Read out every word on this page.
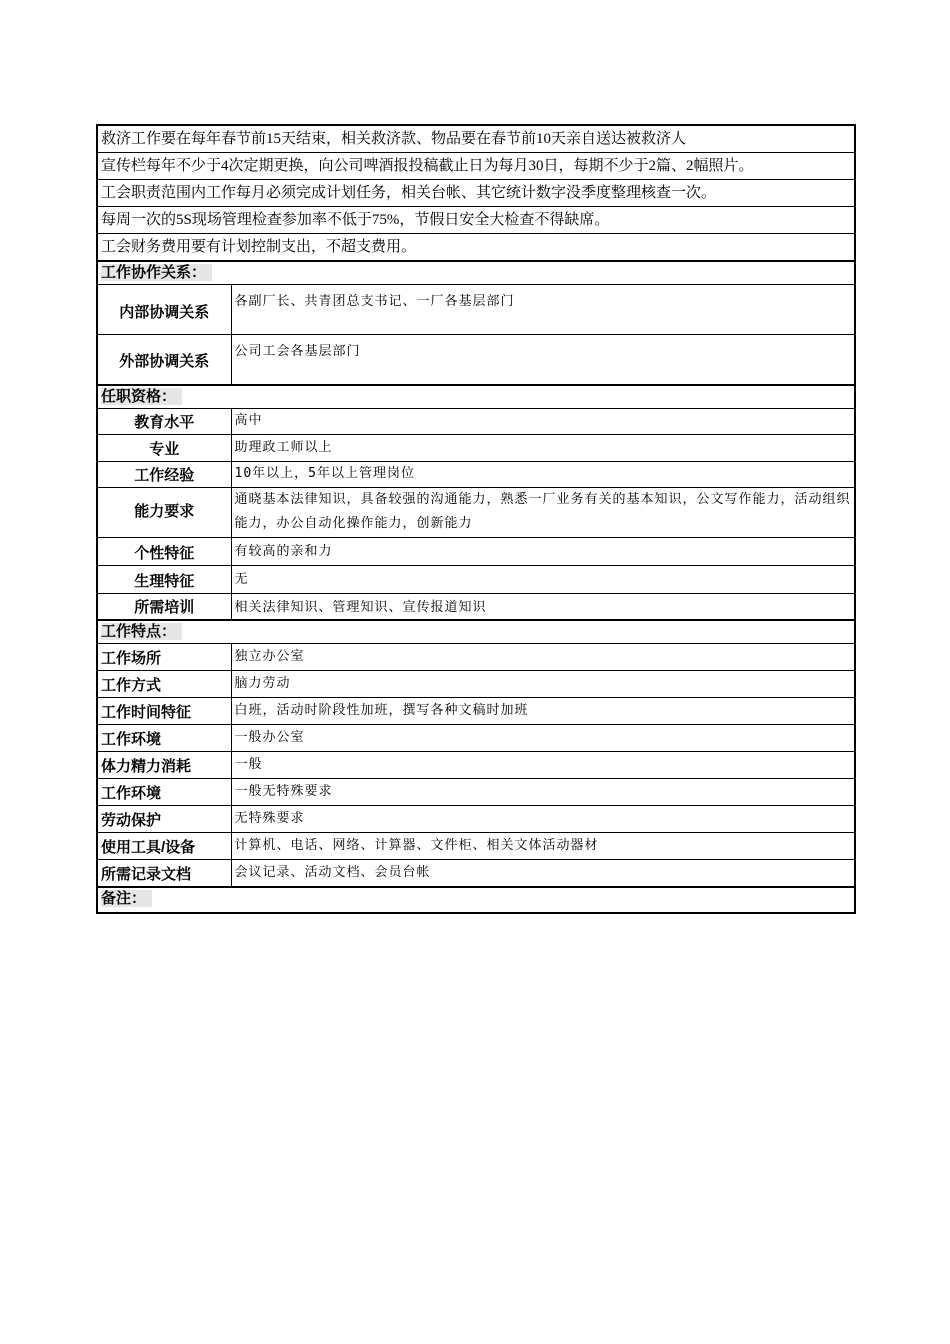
救济工作要在每年春节前15天结束，相关救济款、物品要在春节前10天亲自送达被救济人	
宣传栏每年不少于4次定期更换，向公司啤酒报投稿截止日为每月30日，每期不少于2篇、2幅照片。	
工会职责范围内工作每月必须完成计划任务，相关台帐、其它统计数字没季度整理核查一次。	
每周一次的5S现场管理检查参加率不低于75%，节假日安全大检查不得缺席。	
工会财务费用要有计划控制支出，不超支费用。	
工作协作关系：	
内部协调关系	各副厂长、共青团总支书记、一厂各基层部门
外部协调关系	公司工会各基层部门
任职资格：	
教育水平	高中
专业	助理政工师以上
工作经验	10年以上，5年以上管理岗位
能力要求	通晓基本法律知识，具备较强的沟通能力，熟悉一厂业务有关的基本知识，公文写作能力，活动组织能力，办公自动化操作能力，创新能力
个性特征	有较高的亲和力
生理特征	无
所需培训	相关法律知识、管理知识、宣传报道知识
工作特点：	
工作场所	独立办公室
工作方式	脑力劳动
工作时间特征	白班，活动时阶段性加班，撰写各种文稿时加班
工作环境	一般办公室
体力精力消耗	一般
工作环境	一般无特殊要求
劳动保护	无特殊要求
使用工具/设备	计算机、电话、网络、计算器、文件柜、相关文体活动器材
所需记录文档	会议记录、活动文档、会员台帐
备注：	
